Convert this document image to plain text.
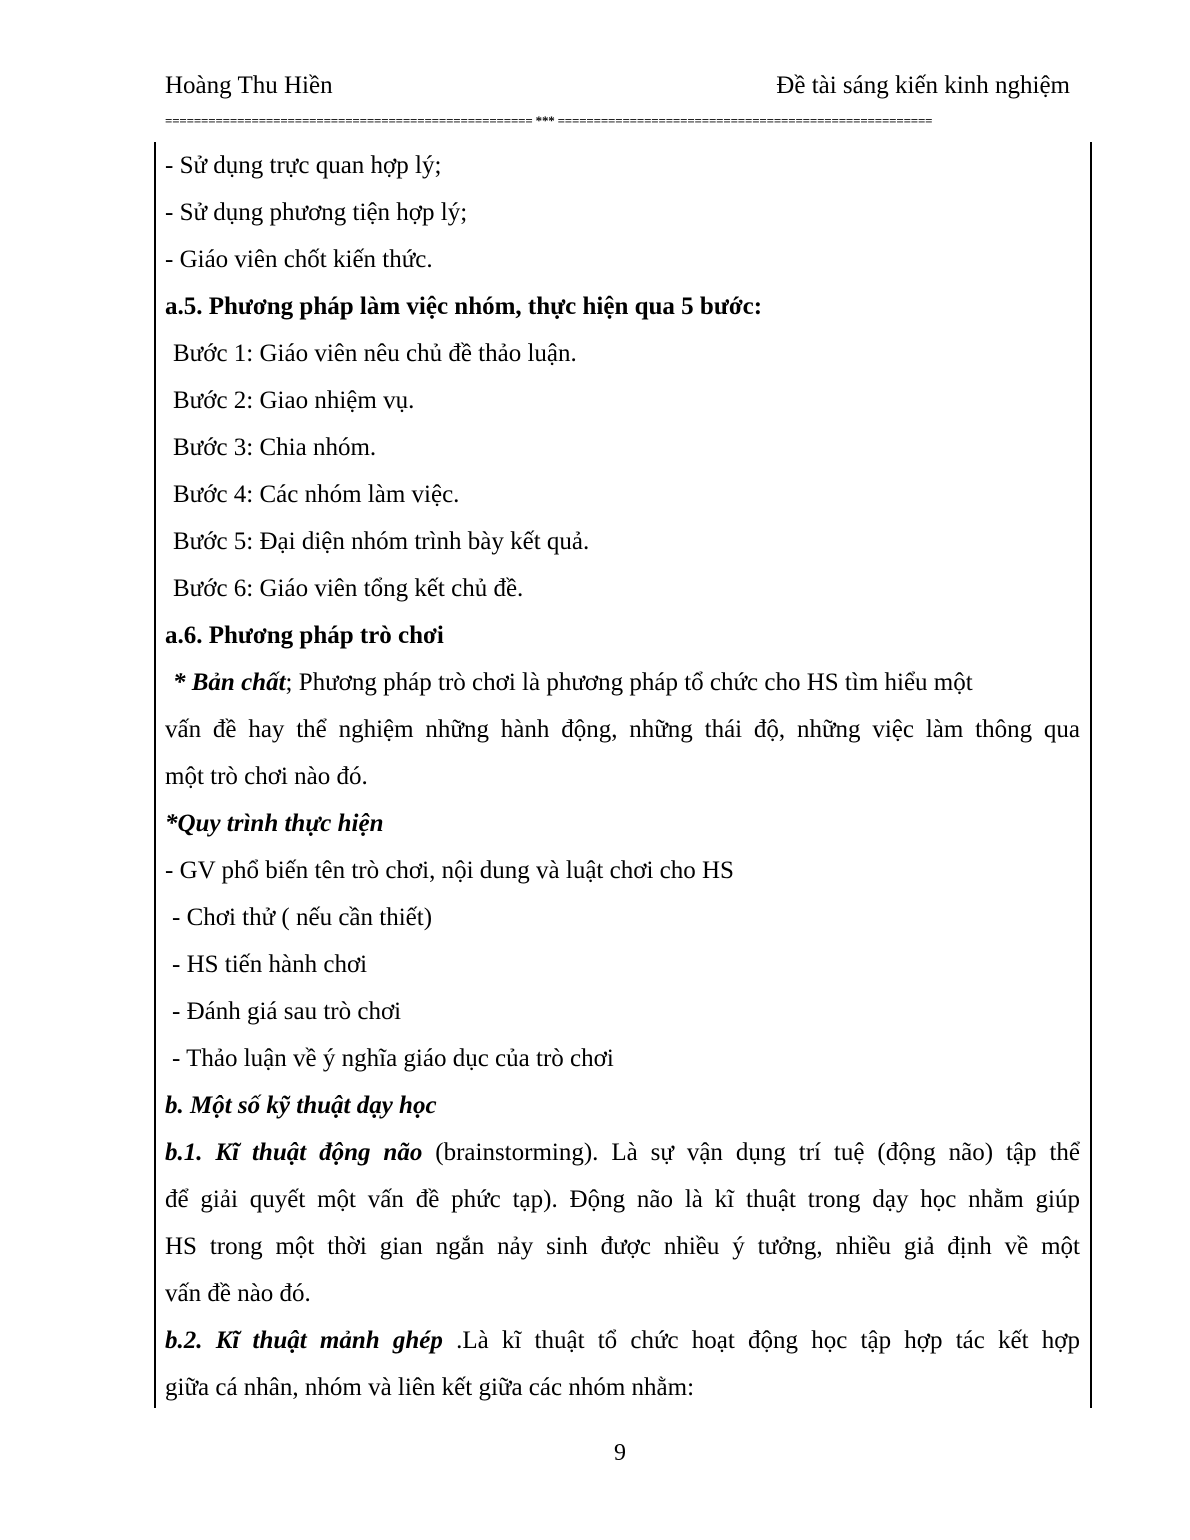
Hoàng Thu Hiền	Đề tài sáng kiến kinh nghiệm
=================================================== *** ====================================================
- Sử dụng trực quan hợp lý;
- Sử dụng phương tiện hợp lý;
- Giáo viên chốt kiến thức.
a.5. Phương pháp làm việc nhóm, thực hiện qua 5 bước:
Bước 1: Giáo viên nêu chủ đề thảo luận.
Bước 2: Giao nhiệm vụ.
Bước 3: Chia nhóm.
Bước 4: Các nhóm làm việc.
Bước 5: Đại diện nhóm trình bày kết quả.
Bước 6: Giáo viên tổng kết chủ đề.
a.6. Phương pháp trò chơi
* Bản chất; Phương pháp trò chơi là phương pháp tổ chức cho HS tìm hiểu một
vấn đề hay thể nghiệm những hành động, những thái độ, những việc làm thông qua
một trò chơi nào đó.
*Quy trình thực hiện
- GV phổ biến tên trò chơi, nội dung và luật chơi cho HS
- Chơi thử ( nếu cần thiết)
- HS tiến hành chơi
- Đánh giá sau trò chơi
- Thảo luận về ý nghĩa giáo dục của trò chơi
b. Một số kỹ thuật dạy học
b.1. Kĩ thuật động não (brainstorming). Là sự vận dụng trí tuệ (động não) tập thể
để giải quyết một vấn đề phức tạp). Động não là kĩ thuật trong dạy học nhằm giúp
HS trong một thời gian ngắn nảy sinh được nhiều ý tưởng, nhiều giả định về một
vấn đề nào đó.
b.2. Kĩ thuật mảnh ghép .Là kĩ thuật tổ chức hoạt động học tập hợp tác kết hợp
giữa cá nhân, nhóm và liên kết giữa các nhóm nhằm:
9
